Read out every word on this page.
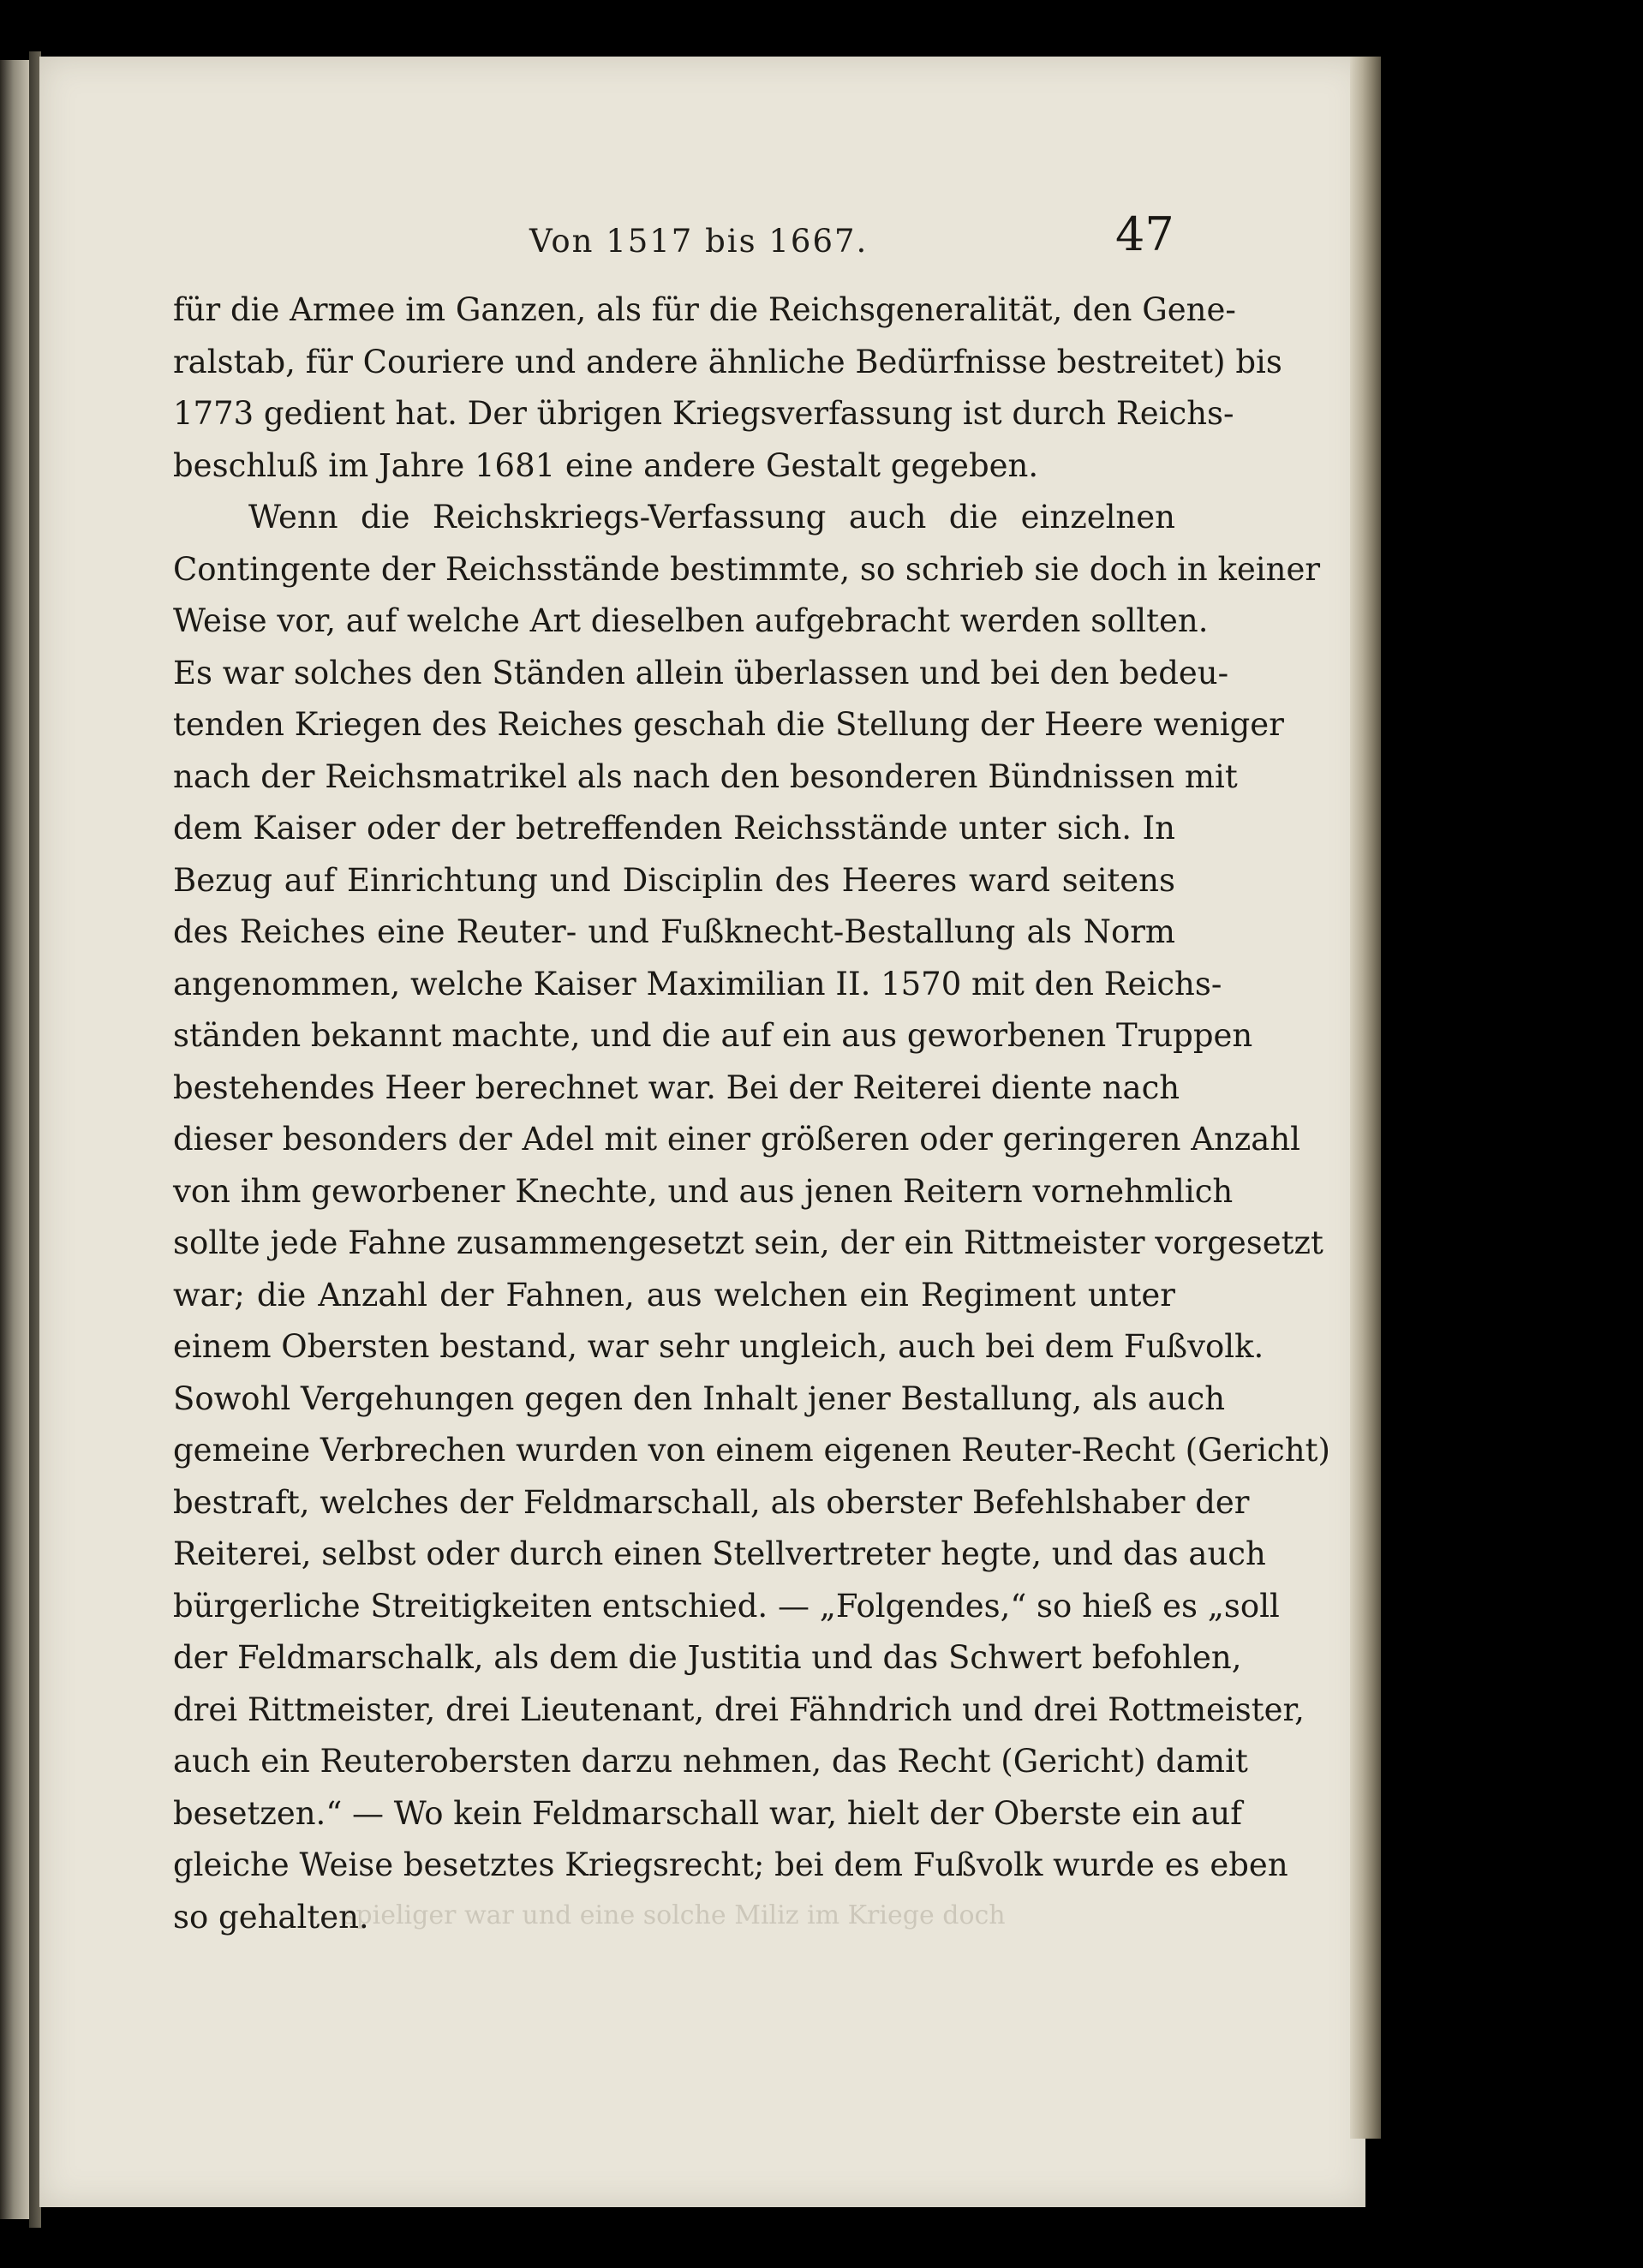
spieliger war und eine solche Miliz im Kriege doch
Von 1517 bis 1667.	47
für die Armee im Ganzen, als für die Reichsgeneralität, den Gene-
ralstab, für Couriere und andere ähnliche Bedürfnisse bestreitet) bis
1773 gedient hat. Der übrigen Kriegsverfassung ist durch Reichs-
beschluß im Jahre 1681 eine andere Gestalt gegeben.
Wenn die Reichskriegs-Verfassung auch die einzelnen
Contingente der Reichsstände bestimmte, so schrieb sie doch in keiner
Weise vor, auf welche Art dieselben aufgebracht werden sollten.
Es war solches den Ständen allein überlassen und bei den bedeu-
tenden Kriegen des Reiches geschah die Stellung der Heere weniger
nach der Reichsmatrikel als nach den besonderen Bündnissen mit
dem Kaiser oder der betreffenden Reichsstände unter sich. In
Bezug auf Einrichtung und Disciplin des Heeres ward seitens
des Reiches eine Reuter- und Fußknecht-Bestallung als Norm
angenommen, welche Kaiser Maximilian II. 1570 mit den Reichs-
ständen bekannt machte, und die auf ein aus geworbenen Truppen
bestehendes Heer berechnet war. Bei der Reiterei diente nach
dieser besonders der Adel mit einer größeren oder geringeren Anzahl
von ihm geworbener Knechte, und aus jenen Reitern vornehmlich
sollte jede Fahne zusammengesetzt sein, der ein Rittmeister vorgesetzt
war; die Anzahl der Fahnen, aus welchen ein Regiment unter
einem Obersten bestand, war sehr ungleich, auch bei dem Fußvolk.
Sowohl Vergehungen gegen den Inhalt jener Bestallung, als auch
gemeine Verbrechen wurden von einem eigenen Reuter-Recht (Gericht)
bestraft, welches der Feldmarschall, als oberster Befehlshaber der
Reiterei, selbst oder durch einen Stellvertreter hegte, und das auch
bürgerliche Streitigkeiten entschied. — „Folgendes,“ so hieß es „soll
der Feldmarschalk, als dem die Justitia und das Schwert befohlen,
drei Rittmeister, drei Lieutenant, drei Fähndrich und drei Rottmeister,
auch ein Reuterobersten darzu nehmen, das Recht (Gericht) damit
besetzen.“ — Wo kein Feldmarschall war, hielt der Oberste ein auf
gleiche Weise besetztes Kriegsrecht; bei dem Fußvolk wurde es eben
so gehalten.
